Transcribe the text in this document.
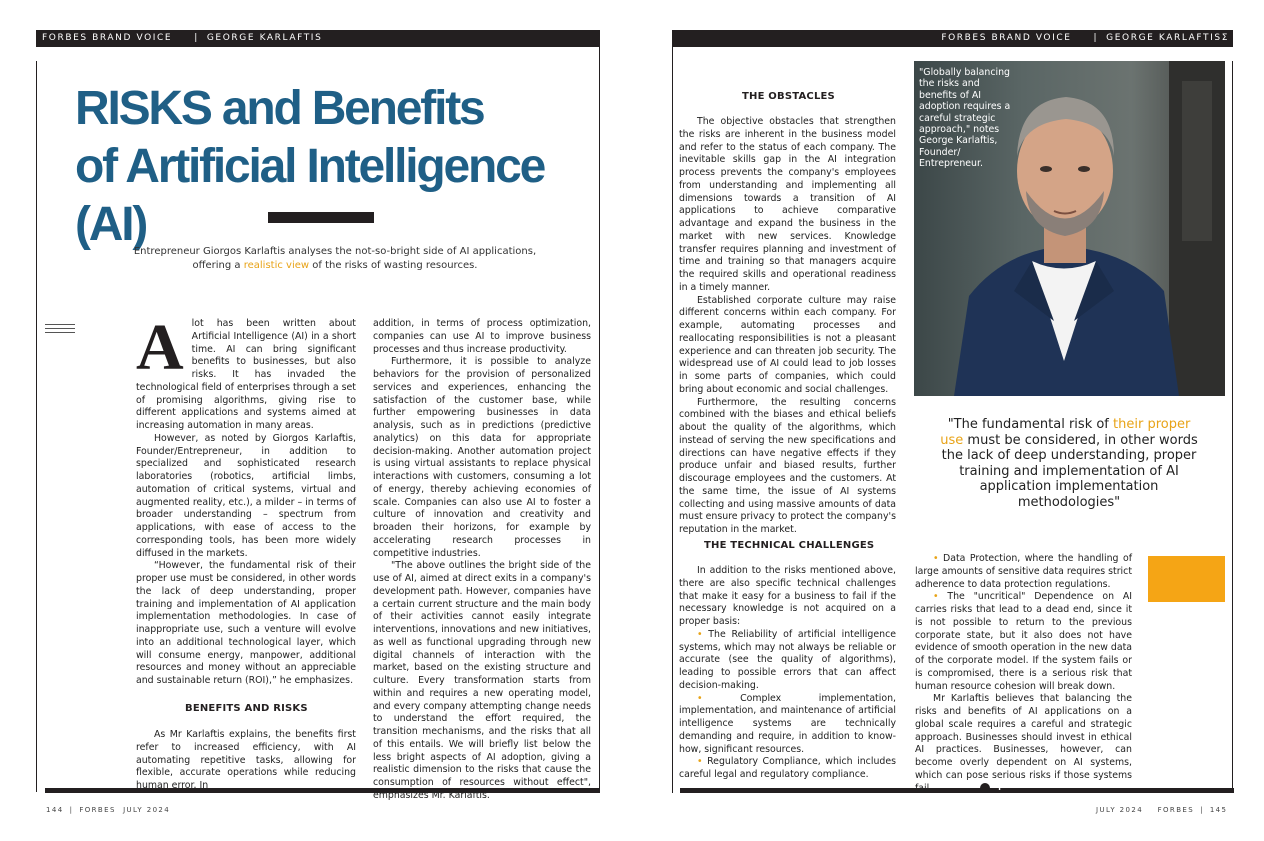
FORBES BRAND VOICE | GEORGE KARLAFTIS	FORBES BRAND VOICE | GEORGE KARLAFTISΣ
RISKS and Benefits
of Artificial Intelligence (AI)

Entrepreneur Giorgos Karlaftis analyses the not-so-bright side of AI applications, offering a realistic view of the risks of wasting resources.

Alot has been written about Artificial Intelligence (AI) in a short time. AI can bring significant benefits to businesses, but also risks. It has invaded the technological field of enterprises through a set of promising algorithms, giving rise to different applications and systems aimed at increasing automation in many areas.

However, as noted by Giorgos Karlaftis, Founder/Entrepreneur, in addition to specialized and sophisticated research laboratories (robotics, artificial limbs, automation of critical systems, virtual and augmented reality, etc.), a milder – in terms of broader understanding – spectrum from applications, with ease of access to the corresponding tools, has been more widely diffused in the markets.

“However, the fundamental risk of their proper use must be considered, in other words the lack of deep understanding, proper training and implementation of AI application implementation methodologies. In case of inappropriate use, such a venture will evolve into an additional technological layer, which will consume energy, manpower, additional resources and money without an appreciable and sustainable return (ROI),” he emphasizes.

BENEFITS AND RISKS

As Mr Karlaftis explains, the benefits first refer to increased efficiency, with AI automating repetitive tasks, allowing for flexible, accurate operations while reducing human error. In

addition, in terms of process optimization, companies can use AI to improve business processes and thus increase productivity.

Furthermore, it is possible to analyze behaviors for the provision of personalized services and experiences, enhancing the satisfaction of the customer base, while further empowering businesses in data analysis, such as in predictions (predictive analytics) on this data for appropriate decision-making. Another automation project is using virtual assistants to replace physical interactions with customers, consuming a lot of energy, thereby achieving economies of scale. Companies can also use AI to foster a culture of innovation and creativity and broaden their horizons, for example by accelerating research processes in competitive industries.

"The above outlines the bright side of the use of AI, aimed at direct exits in a company's development path. However, companies have a certain current structure and the main body of their activities cannot easily integrate interventions, innovations and new initiatives, as well as functional upgrading through new digital channels of interaction with the market, based on the existing structure and culture. Every transformation starts from within and requires a new operating model, and every company attempting change needs to understand the effort required, the transition mechanisms, and the risks that all of this entails. We will briefly list below the less bright aspects of AI adoption, giving a realistic dimension to the risks that cause the consumption of resources without effect", emphasizes Mr. Karlaftis.

THE OBSTACLES

The objective obstacles that strengthen the risks are inherent in the business model and refer to the status of each company. The inevitable skills gap in the AI integration process prevents the company's employees from understanding and implementing all dimensions towards a transition of AI applications to achieve comparative advantage and expand the business in the market with new services. Knowledge transfer requires planning and investment of time and training so that managers acquire the required skills and operational readiness in a timely manner.

Established corporate culture may raise different concerns within each company. For example, automating processes and reallocating responsibilities is not a pleasant experience and can threaten job security. The widespread use of AI could lead to job losses in some parts of companies, which could bring about economic and social challenges.

Furthermore, the resulting concerns combined with the biases and ethical beliefs about the quality of the algorithms, which instead of serving the new specifications and directions can have negative effects if they produce unfair and biased results, further discourage employees and the customers. At the same time, the issue of AI systems collecting and using massive amounts of data must ensure privacy to protect the company's reputation in the market.

THE TECHNICAL CHALLENGES

In addition to the risks mentioned above, there are also specific technical challenges that make it easy for a business to fail if the necessary knowledge is not acquired on a proper basis:

• The Reliability of artificial intelligence systems, which may not always be reliable or accurate (see the quality of algorithms), leading to possible errors that can affect decision-making.

• Complex implementation, implementation, and maintenance of artificial intelligence systems are technically demanding and require, in addition to know-how, significant resources.

• Regulatory Compliance, which includes careful legal and regulatory compliance.

• Data Protection, where the handling of large amounts of sensitive data requires strict adherence to data protection regulations.

• The "uncritical" Dependence on AI carries risks that lead to a dead end, since it is not possible to return to the previous corporate state, but it also does not have evidence of smooth operation in the new data of the corporate model. If the system fails or is compromised, there is a serious risk that human resource cohesion will break down.

Mr Karlaftis believes that balancing the risks and benefits of AI applications on a global scale requires a careful and strategic approach. Businesses should invest in ethical AI practices. Businesses, however, can become overly dependent on AI systems, which can pose serious risks if those systems fail.	F

"Globally balancing the risks and benefits of AI adoption requires a careful strategic approach," notes George Karlaftis, Founder/ Entrepreneur.

"The fundamental risk of their proper use must be considered, in other words the lack of deep understanding, proper training and implementation of AI application implementation methodologies"

144 | FORBES JULY 2024	JULY 2024 FORBES | 145
